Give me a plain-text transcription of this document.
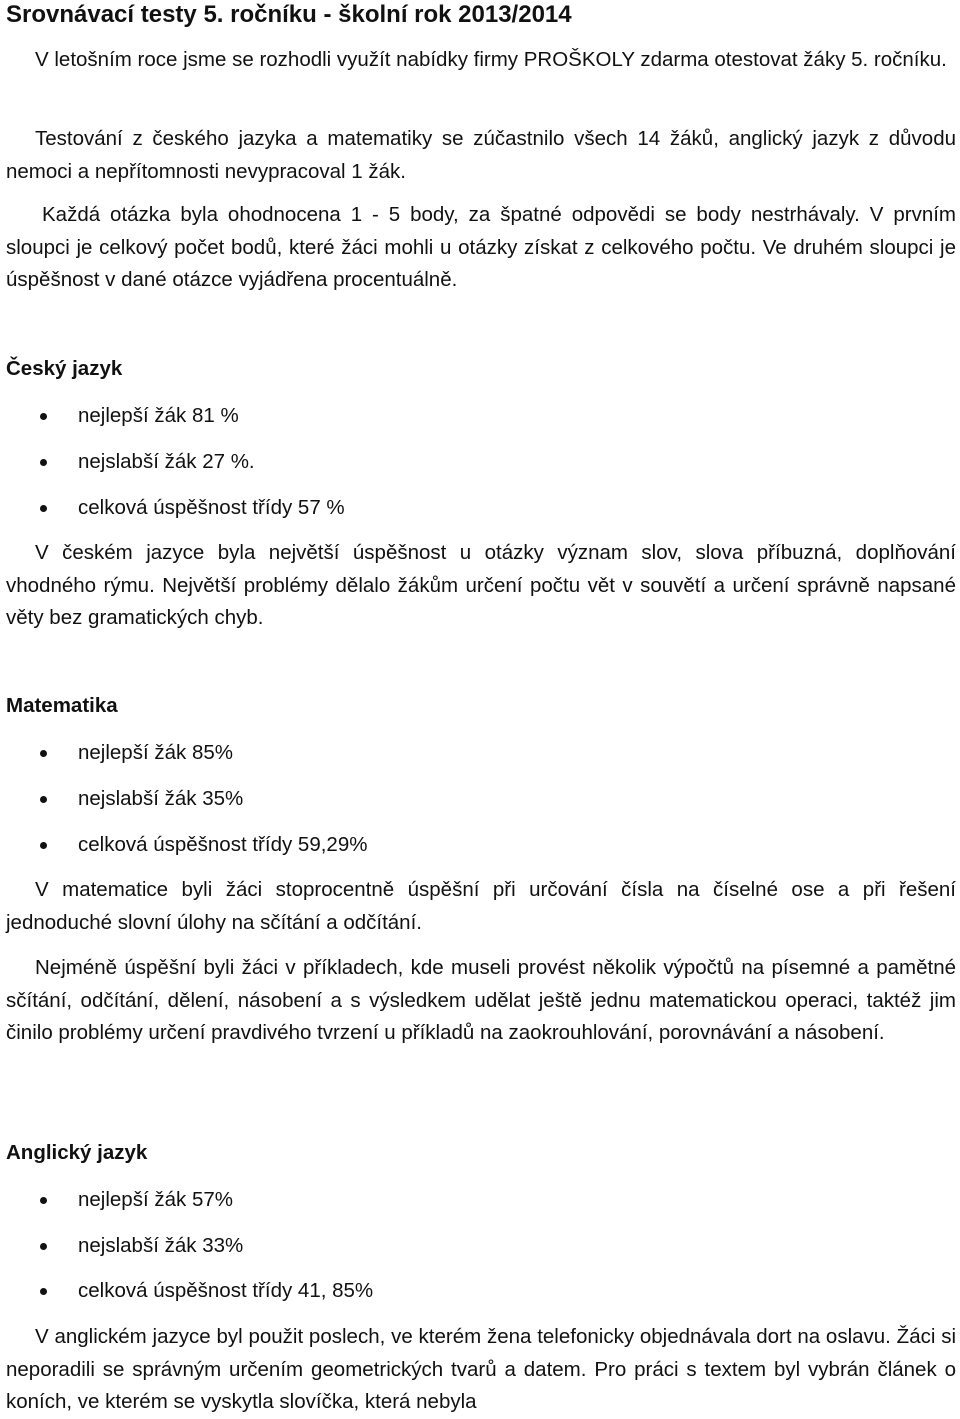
Srovnávací testy 5. ročníku - školní rok 2013/2014

V letošním roce jsme se rozhodli využít nabídky firmy PROŠKOLY zdarma otestovat žáky 5. ročníku.

Testování z českého jazyka a matematiky se zúčastnilo všech 14 žáků, anglický jazyk z důvodu nemoci a nepřítomnosti nevypracoval 1 žák.

Každá otázka byla ohodnocena 1 - 5 body, za špatné odpovědi se body nestrhávaly. V prvním sloupci je celkový počet bodů, které žáci mohli u otázky získat z celkového počtu. Ve druhém sloupci je úspěšnost v dané otázce vyjádřena procentuálně.

Český jazyk
nejlepší žák 81 %
nejslabší žák 27 %.
celková úspěšnost třídy 57 %

V českém jazyce byla největší úspěšnost u otázky význam slov, slova příbuzná, doplňování vhodného rýmu. Největší problémy dělalo žákům určení počtu vět v souvětí a určení správně napsané věty bez gramatických chyb.

Matematika
nejlepší žák 85%
nejslabší žák 35%
celková úspěšnost třídy 59,29%

V matematice byli žáci stoprocentně úspěšní při určování čísla na číselné ose a při řešení jednoduché slovní úlohy na sčítání a odčítání.

Nejméně úspěšní byli žáci v příkladech, kde museli provést několik výpočtů na písemné a pamětné sčítání, odčítání, dělení, násobení a s výsledkem udělat ještě jednu matematickou operaci, taktéž jim činilo problémy určení pravdivého tvrzení u příkladů na zaokrouhlování, porovnávání a násobení.

Anglický jazyk
nejlepší žák 57%
nejslabší žák 33%
celková úspěšnost třídy 41, 85%

V anglickém jazyce byl použit poslech, ve kterém žena telefonicky objednávala dort na oslavu. Žáci si neporadili se správným určením geometrických tvarů a datem. Pro práci s textem byl vybrán článek o koních, ve kterém se vyskytla slovíčka, která nebyla
